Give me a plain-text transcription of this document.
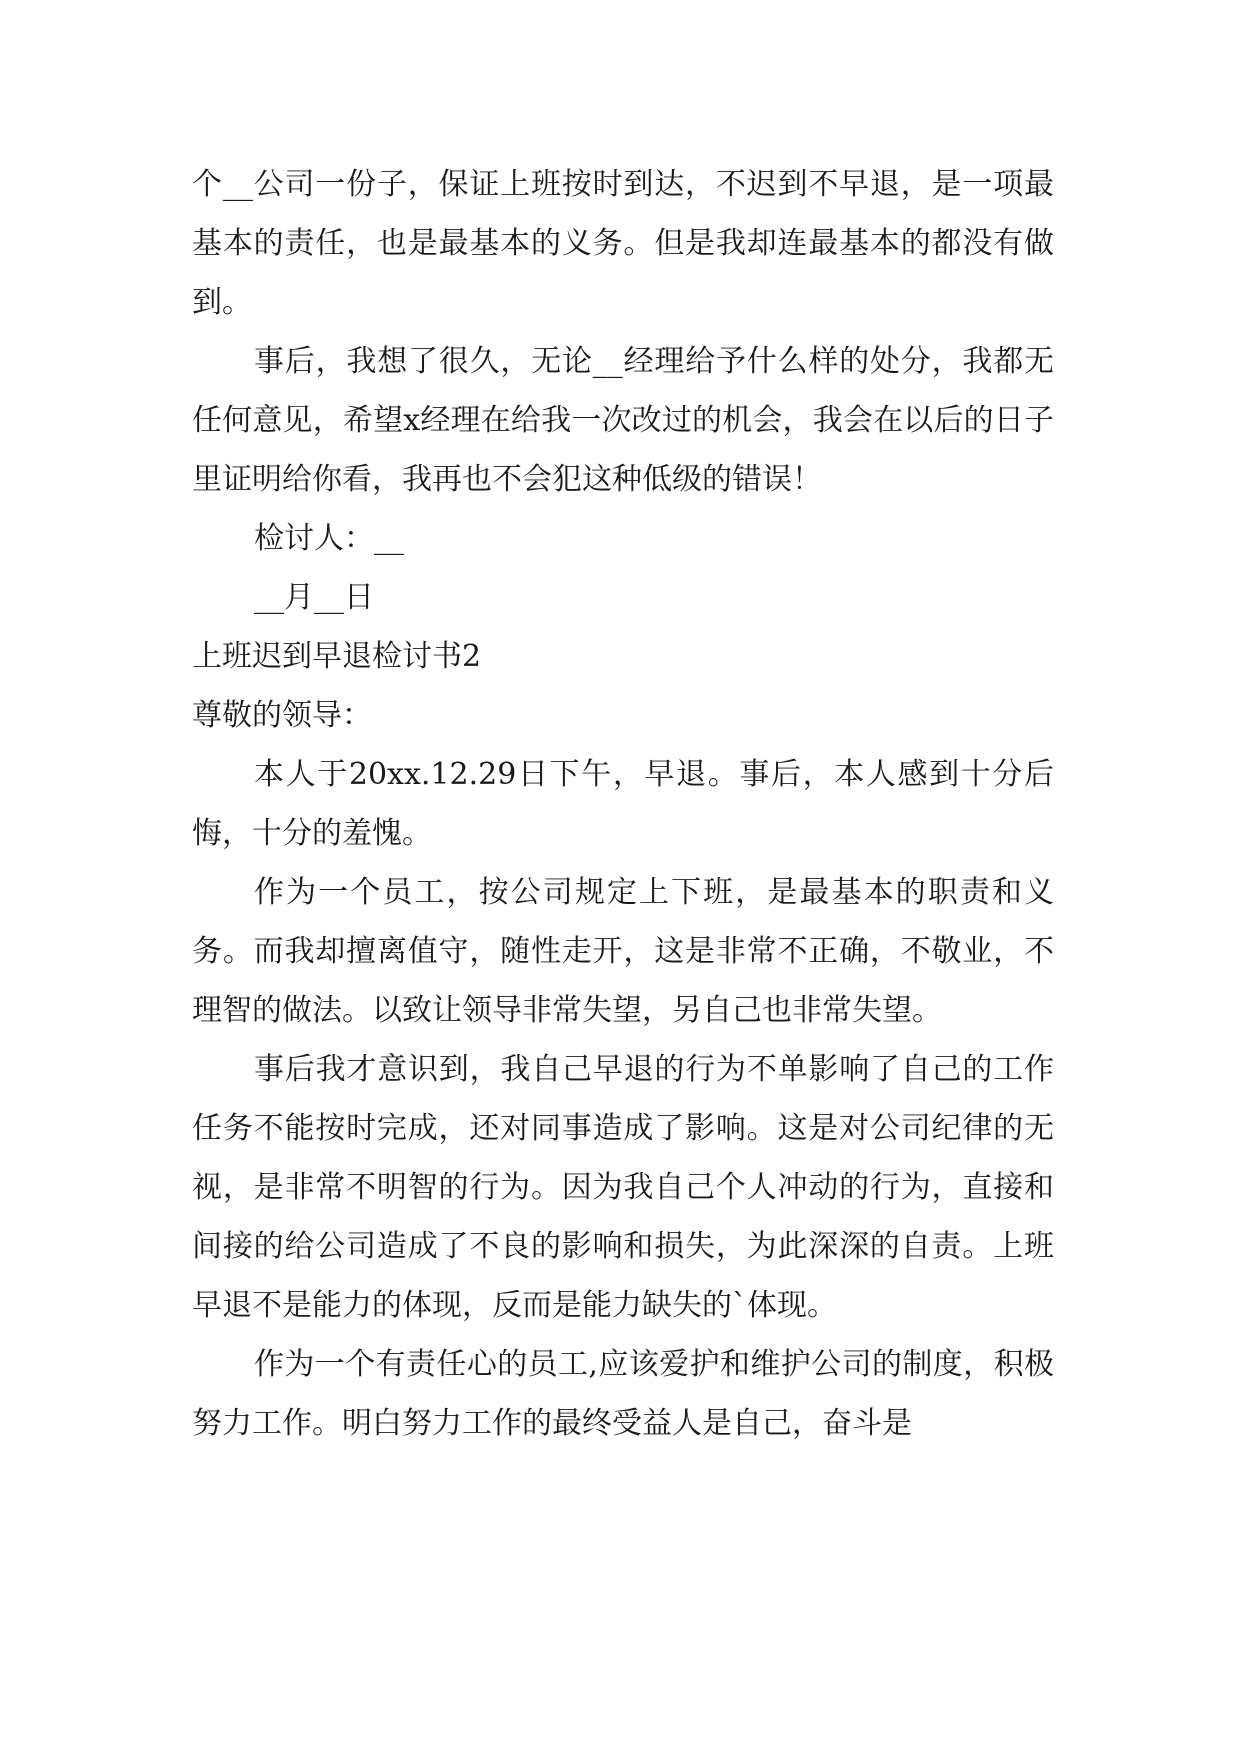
个__公司一份子，保证上班按时到达，不迟到不早退，是一项最基本的责任，也是最基本的义务。但是我却连最基本的都没有做到。

事后，我想了很久，无论__经理给予什么样的处分，我都无任何意见，希望x经理在给我一次改过的机会，我会在以后的日子里证明给你看，我再也不会犯这种低级的错误！

检讨人：__

__月__日

上班迟到早退检讨书2

尊敬的领导：

本人于20xx.12.29日下午，早退。事后，本人感到十分后悔，十分的羞愧。

作为一个员工，按公司规定上下班，是最基本的职责和义务。而我却擅离值守，随性走开，这是非常不正确，不敬业，不理智的做法。以致让领导非常失望，另自己也非常失望。

事后我才意识到，我自己早退的行为不单影响了自己的工作任务不能按时完成，还对同事造成了影响。这是对公司纪律的无视，是非常不明智的行为。因为我自己个人冲动的行为，直接和间接的给公司造成了不良的影响和损失，为此深深的自责。上班早退不是能力的体现，反而是能力缺失的`体现。

作为一个有责任心的员工,应该爱护和维护公司的制度，积极努力工作。明白努力工作的最终受益人是自己，奋斗是
